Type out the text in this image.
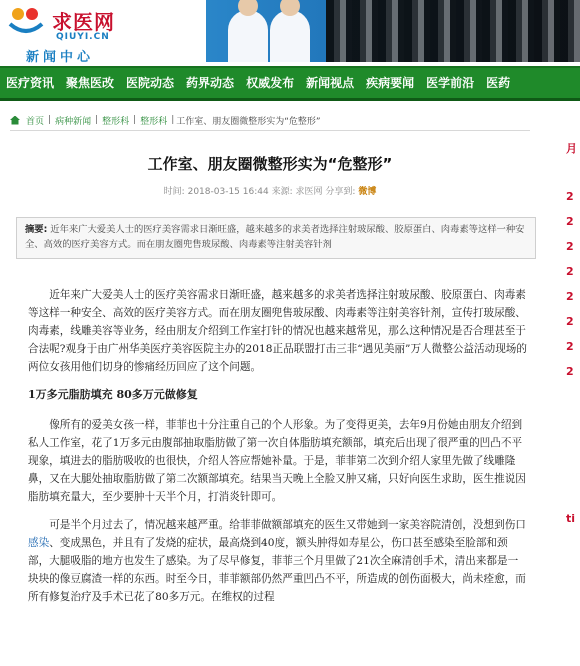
求医网
QIUYI.CN
新闻中心
医疗资讯	聚焦医改	医院动态	药界动态	权威发布	新闻视点	疾病要闻	医学前沿	医药
首页 | 病种新闻 | 整形科 | 整形科 | 工作室、朋友圈微整形实为“危整形”
工作室、朋友圈微整形实为“危整形”
时间: 2018-03-15 16:44 来源: 求医网 分享到: 微博
摘要: 近年来广大爱美人士的医疗美容需求日渐旺盛，越来越多的求美者选择注射玻尿酸、胶原蛋白、肉毒素等这样一种安全、高效的医疗美容方式。而在朋友圈兜售玻尿酸、肉毒素等注射美容针剂

近年来广大爱美人士的医疗美容需求日渐旺盛，越来越多的求美者选择注射玻尿酸、胶原蛋白、肉毒素等这样一种安全、高效的医疗美容方式。而在朋友圈兜售玻尿酸、肉毒素等注射美容针剂，宣传打玻尿酸、肉毒素，线雕美容等业务，经由朋友介绍到工作室打针的情况也越来越常见，那么这种情况是否合理甚至于合法呢?观身于由广州华美医疗美容医院主办的2018正品联盟打击三非“遇见美丽”万人微整公益活动现场的两位女孩用他们切身的惨痛经历回应了这个问题。

1万多元脂肪填充 80多万元做修复

像所有的爱美女孩一样，菲菲也十分注重自己的个人形象。为了变得更美，去年9月份她由朋友介绍到私人工作室，花了1万多元由腹部抽取脂肪做了第一次自体脂肪填充额部，填充后出现了很严重的凹凸不平现象，填进去的脂肪吸收的也很快，介绍人答应帮她补量。于是，菲菲第二次到介绍人家里先做了线雕隆鼻，又在大腿处抽取脂肪做了第二次额部填充。结果当天晚上全脸又肿又痛，只好向医生求助，医生推说因脂肪填充量大，至少要肿十天半个月，打消炎针即可。

可是半个月过去了，情况越来越严重。给菲菲做额部填充的医生又带她到一家美容院清创，没想到伤口感染、变成黑色，并且有了发烧的症状，最高烧到40度，额头肿得如寿星公，伤口甚至感染至脸部和颈部，大腿吸脂的地方也发生了感染。为了尽早修复，菲菲三个月里做了21次全麻清创手术，清出来都是一块块的像豆腐渣一样的东西。时至今日，菲菲额部仍然严重凹凸不平，所造成的创伤面极大，尚未痊愈，而所有修复治疗及手术已花了80多万元。在维权的过程

月
2
2
2
2
2
2
2
2
ti
